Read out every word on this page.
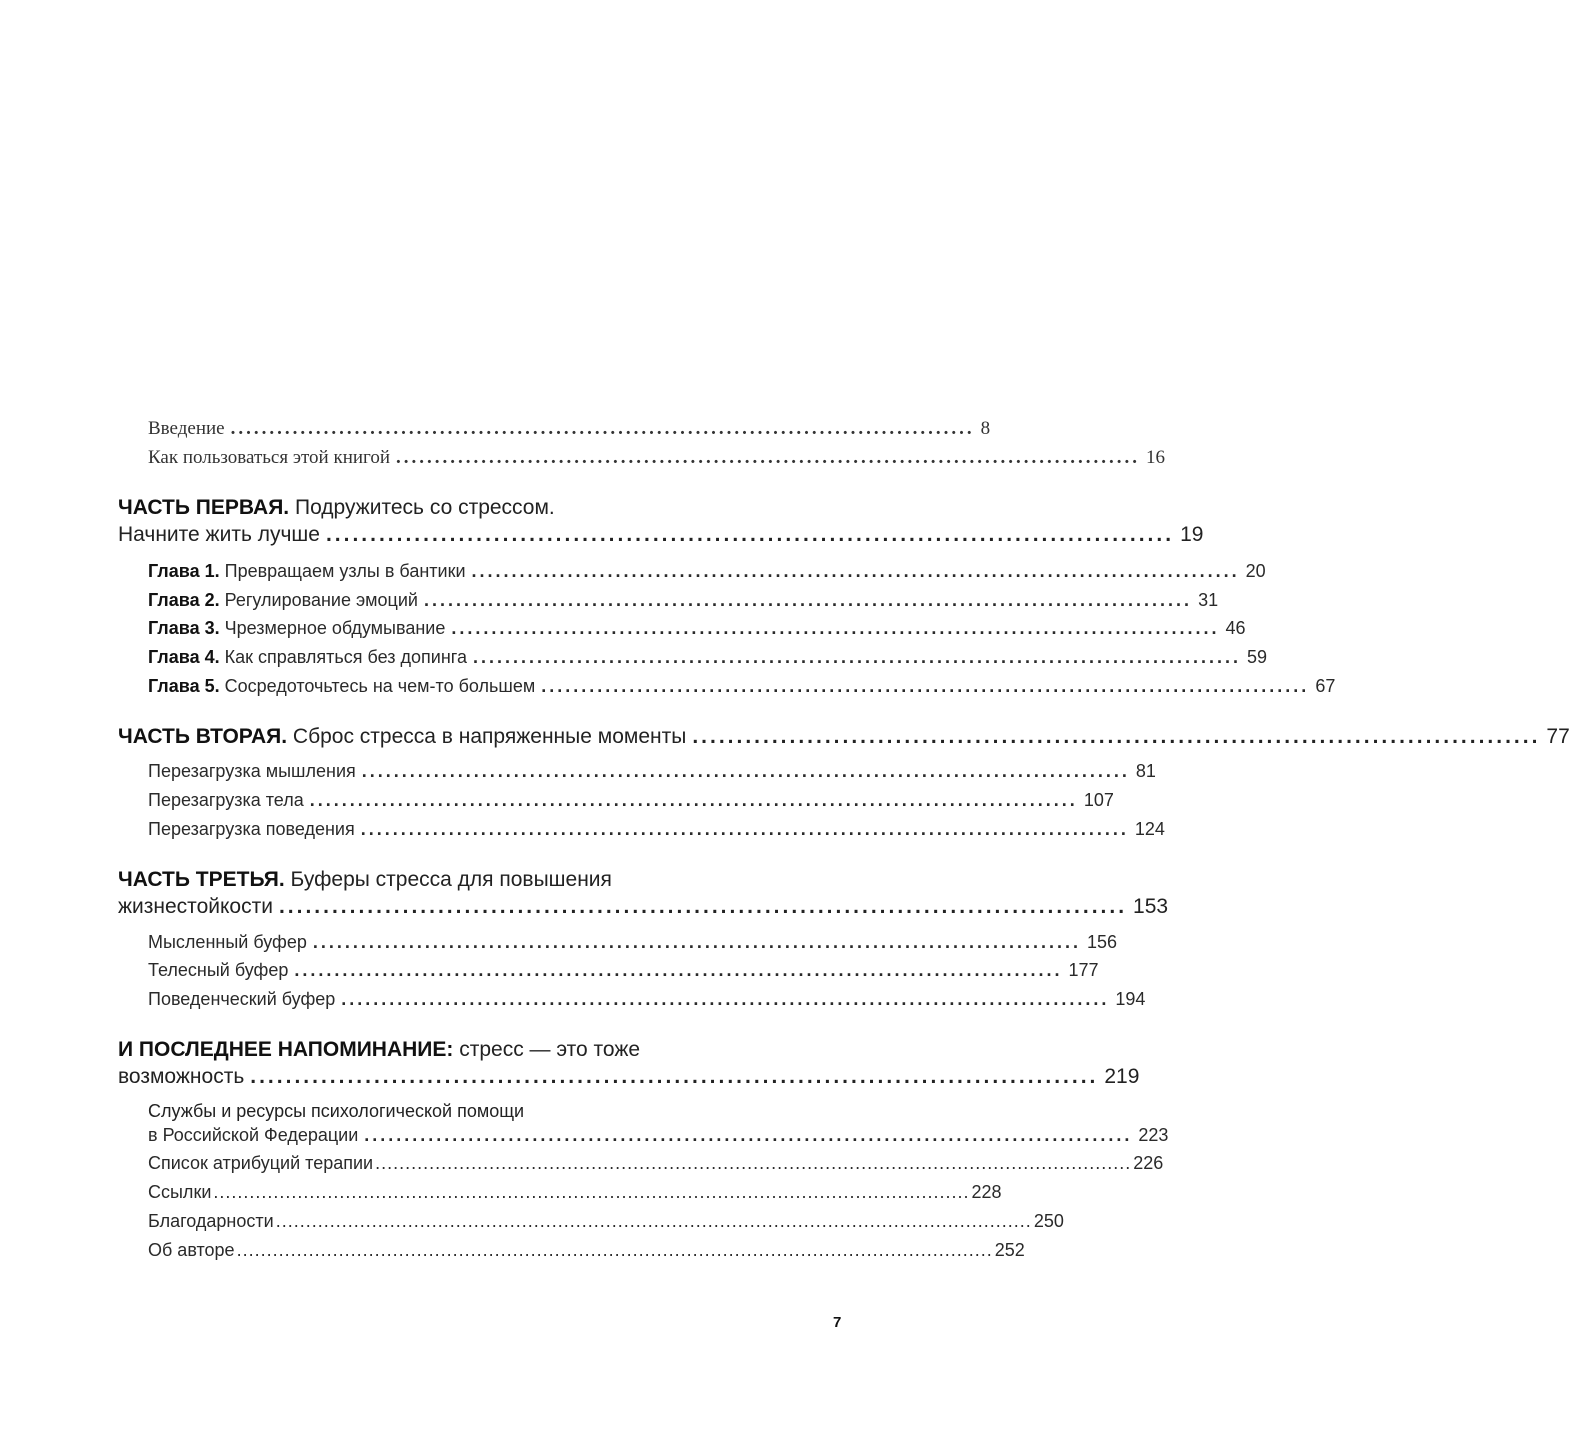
Введение ................................................................................................ 8
Как пользоваться этой книгой ................................................................................................ 16
ЧАСТЬ ПЕРВАЯ. Подружитесь со стрессом.
Начните жить лучше ................................................................................................ 19
Глава 1. Превращаем узлы в бантики ................................................................................................ 20
Глава 2. Регулирование эмоций ................................................................................................ 31
Глава 3. Чрезмерное обдумывание ................................................................................................ 46
Глава 4. Как справляться без допинга ................................................................................................ 59
Глава 5. Сосредоточьтесь на чем-то большем ................................................................................................ 67
ЧАСТЬ ВТОРАЯ. Сброс стресса в напряженные моменты ................................................................................................ 77
Перезагрузка мышления ................................................................................................ 81
Перезагрузка тела ................................................................................................ 107
Перезагрузка поведения ................................................................................................ 124
ЧАСТЬ ТРЕТЬЯ. Буферы стресса для повышения
жизнестойкости ................................................................................................ 153
Мысленный буфер ................................................................................................ 156
Телесный буфер ................................................................................................ 177
Поведенческий буфер ................................................................................................ 194
И ПОСЛЕДНЕЕ НАПОМИНАНИЕ: стресс — это тоже
возможность ................................................................................................ 219
Службы и ресурсы психологической помощи
в Российской Федерации ................................................................................................ 223
Список атрибуций терапии .............................................................................................................................. 226
Ссылки .............................................................................................................................. 228
Благодарности .............................................................................................................................. 250
Об авторе .............................................................................................................................. 252
7
